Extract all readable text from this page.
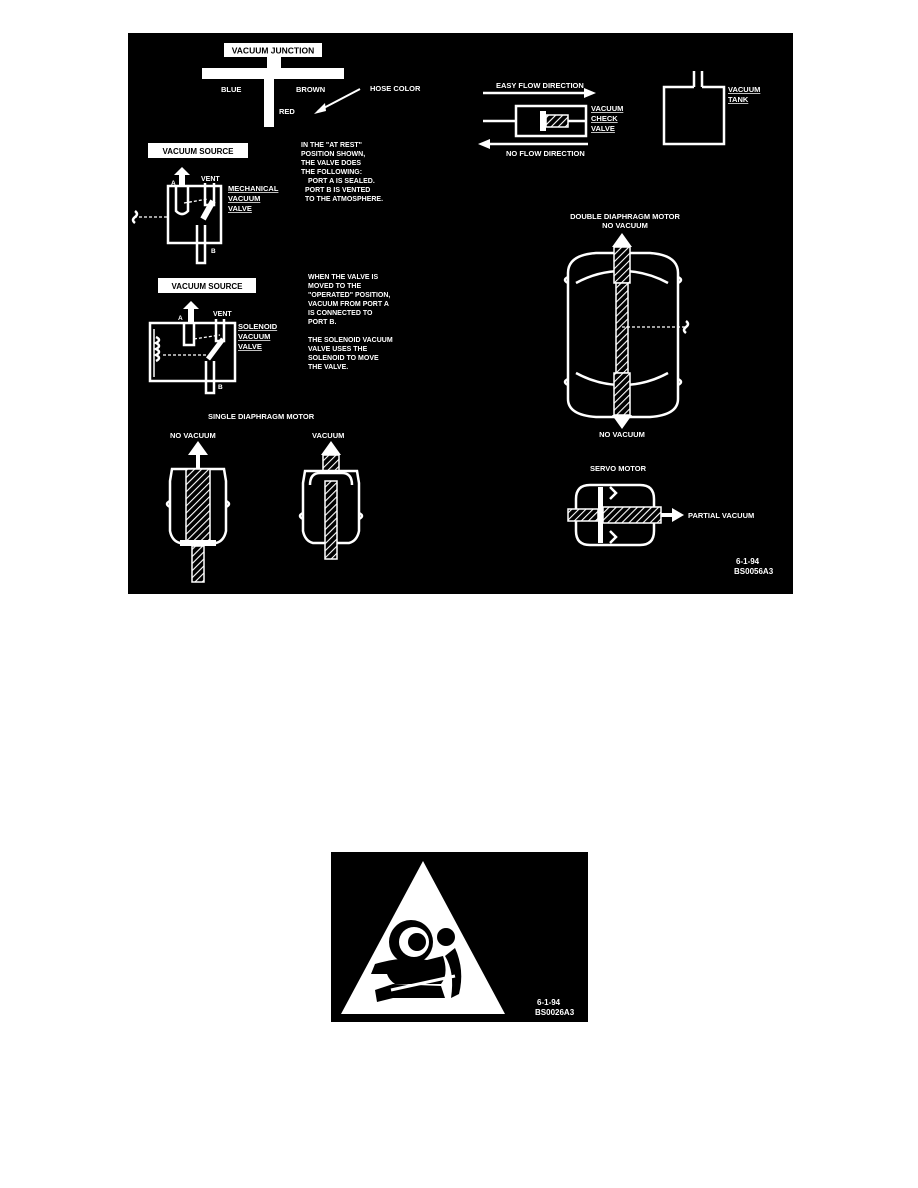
VACUUM JUNCTION
BLUE	BROWN
RED
HOSE COLOR	EASY FLOW DIRECTION
VACUUM
CHECK
VALVE
NO FLOW DIRECTION
VACUUM
TANK
VACUUM SOURCE
A
VENT
B
MECHANICAL
VACUUM
VALVE
IN THE "AT REST"
POSITION SHOWN,
THE VALVE DOES
THE FOLLOWING:
PORT A IS SEALED.
PORT B IS VENTED
TO THE ATMOSPHERE.
VACUUM SOURCE
A
VENT
B
SOLENOID
VACUUM
VALVE
WHEN THE VALVE IS
MOVED TO THE
"OPERATED" POSITION,
VACUUM FROM PORT A
IS CONNECTED TO
PORT B.
THE SOLENOID VACUUM
VALVE USES THE
SOLENOID TO MOVE
THE VALVE.
SINGLE DIAPHRAGM MOTOR
NO VACUUM	VACUUM
DOUBLE DIAPHRAGM MOTOR
NO VACUUM
NO VACUUM
SERVO MOTOR
PARTIAL VACUUM
6-1-94
BS0056A3
6-1-94
BS0026A3
